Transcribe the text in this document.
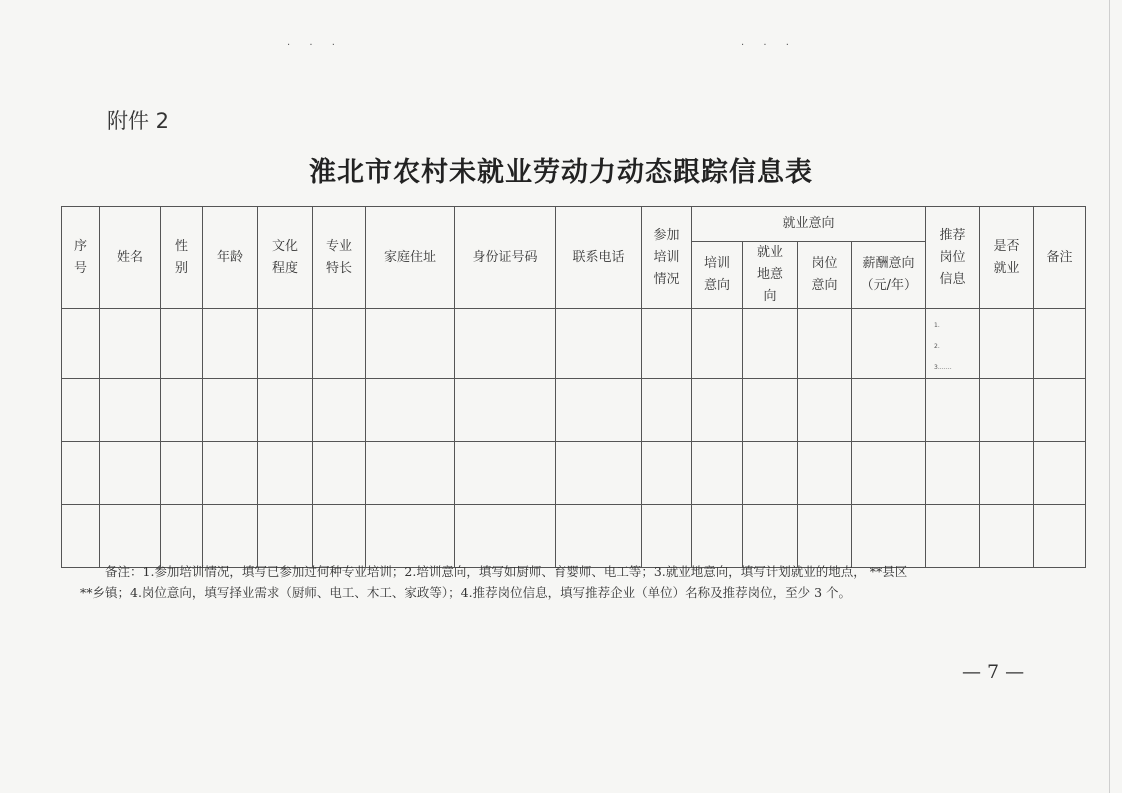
· · ·	· · ·
附件 2
淮北市农村未就业劳动力动态跟踪信息表
序号	姓名	性别	年龄	文化程度	专业特长	家庭住址	身份证号码	联系电话	参加培训情况	就业意向				推荐岗位信息	是否就业	备注
										培训意向	就业地意向	岗位意向	薪酬意向（元/年）			

														1.
2.
3.……		

备注：1.参加培训情况，填写已参加过何种专业培训；2.培训意向，填写如厨师、育婴师、电工等；3.就业地意向，填写计划就业的地点， **县区
**乡镇；4.岗位意向，填写择业需求（厨师、电工、木工、家政等）；4.推荐岗位信息，填写推荐企业（单位）名称及推荐岗位，至少 3 个。
— 7 —
